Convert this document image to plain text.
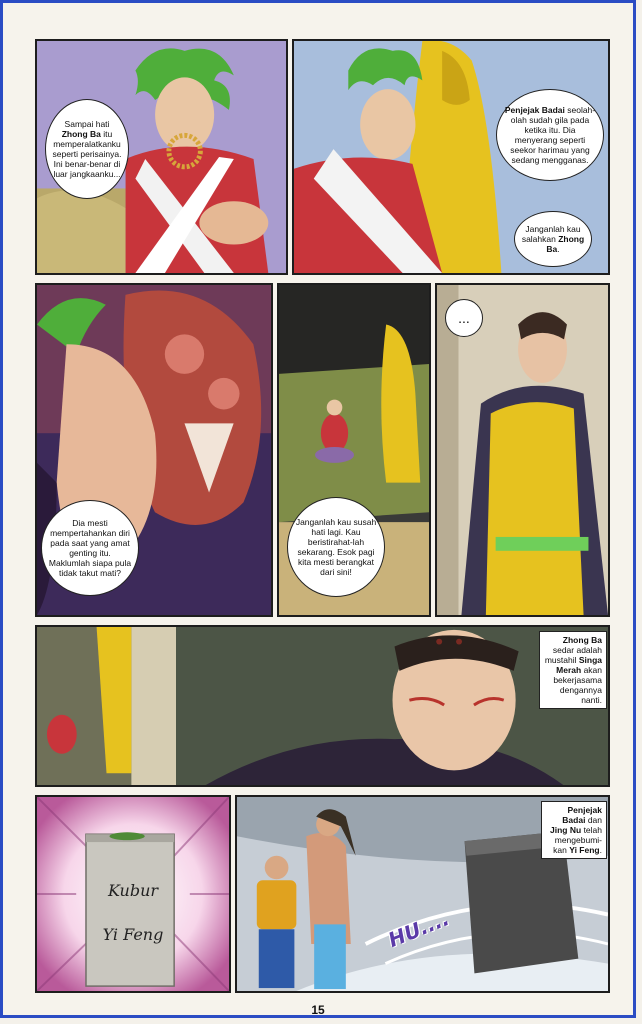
Sampai hati Zhong Ba itu memperalatkanku seperti perisainya. Ini benar-benar di luar jangkaanku...
Penjejak Badai seolah-olah sudah gila pada ketika itu. Dia menyerang seperti seekor harimau yang sedang mengganas.
Janganlah kau salahkan Zhong Ba.
Dia mesti mempertahankan diri pada saat yang amat genting itu. Maklumlah siapa pula tidak takut mati?
Janganlah kau susah hati lagi. Kau beristirahat-lah sekarang. Esok pagi kita mesti berangkat dari sini!
...
Zhong Ba sedar adalah mustahil Singa Merah akan bekerjasama dengannya nanti.
Kubur
Yi Feng
Penjejak Badai dan Jing Nu telah mengebumi-kan Yi Feng.
HU....
15
